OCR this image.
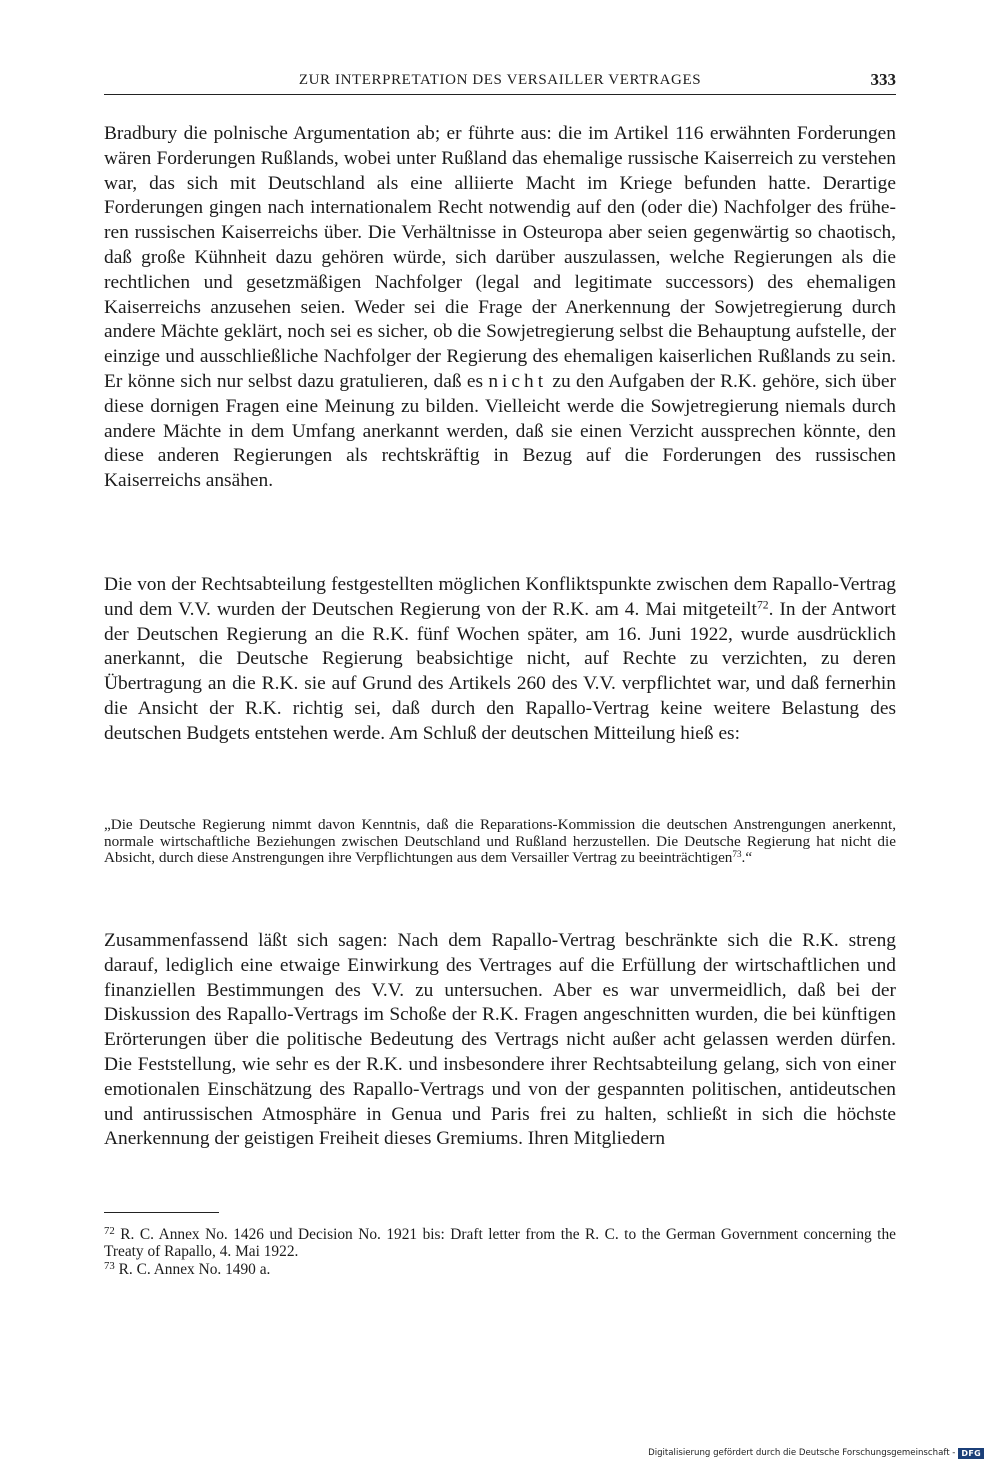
ZUR INTERPRETATION DES VERSAILLER VERTRAGES	333
Bradbury die polnische Argumentation ab; er führte aus: die im Artikel 116 erwähnten Forderungen wären Forderungen Rußlands, wobei unter Rußland das ehemalige russische Kaiserreich zu verstehen war, das sich mit Deutschland als eine alliierte Macht im Kriege befunden hatte. Derartige Forderungen gingen nach internationalem Recht notwendig auf den (oder die) Nachfolger des früheren russischen Kaiserreichs über. Die Verhältnisse in Osteuropa aber seien gegenwärtig so chaotisch, daß große Kühnheit dazu gehören würde, sich darüber auszulassen, welche Regierungen als die rechtlichen und gesetzmäßigen Nachfolger (legal and legitimate successors) des ehemaligen Kaiserreichs anzusehen seien. Weder sei die Frage der Anerkennung der Sowjetregierung durch andere Mächte geklärt, noch sei es sicher, ob die Sowjetregierung selbst die Behauptung aufstelle, der einzige und ausschließliche Nachfolger der Regierung des ehemaligen kaiserlichen Rußlands zu sein. Er könne sich nur selbst dazu gratulieren, daß es nicht zu den Aufgaben der R.K. gehöre, sich über diese dornigen Fragen eine Meinung zu bilden. Vielleicht werde die Sowjetregierung niemals durch andere Mächte in dem Umfang anerkannt werden, daß sie einen Verzicht aussprechen könnte, den diese anderen Regierungen als rechtskräftig in Bezug auf die Forderungen des russischen Kaiserreichs ansähen.
Die von der Rechtsabteilung festgestellten möglichen Konfliktspunkte zwischen dem Rapallo-Vertrag und dem V.V. wurden der Deutschen Regierung von der R.K. am 4. Mai mitgeteilt$^{72}$. In der Antwort der Deutschen Regierung an die R.K. fünf Wochen später, am 16. Juni 1922, wurde ausdrücklich anerkannt, die Deutsche Regierung beabsichtige nicht, auf Rechte zu verzichten, zu deren Übertragung an die R.K. sie auf Grund des Artikels 260 des V.V. verpflichtet war, und daß fernerhin die Ansicht der R.K. richtig sei, daß durch den Rapallo-Vertrag keine weitere Belastung des deutschen Budgets entstehen werde. Am Schluß der deutschen Mitteilung hieß es:
„Die Deutsche Regierung nimmt davon Kenntnis, daß die Reparations-Kommission die deutschen Anstrengungen anerkennt, normale wirtschaftliche Beziehungen zwischen Deutschland und Rußland herzustellen. Die Deutsche Regierung hat nicht die Absicht, durch diese Anstrengungen ihre Verpflichtungen aus dem Versailler Vertrag zu beeinträchtigen$^{73}$.“
Zusammenfassend läßt sich sagen: Nach dem Rapallo-Vertrag beschränkte sich die R.K. streng darauf, lediglich eine etwaige Einwirkung des Vertrages auf die Erfüllung der wirtschaftlichen und finanziellen Bestimmungen des V.V. zu untersuchen. Aber es war unvermeidlich, daß bei der Diskussion des Rapallo-Vertrags im Schoße der R.K. Fragen angeschnitten wurden, die bei künftigen Erörterungen über die politische Bedeutung des Vertrags nicht außer acht gelassen werden dürfen. Die Feststellung, wie sehr es der R.K. und insbesondere ihrer Rechtsabteilung gelang, sich von einer emotionalen Einschätzung des Rapallo-Vertrags und von der gespannten politischen, antideutschen und antirussischen Atmosphäre in Genua und Paris frei zu halten, schließt in sich die höchste Anerkennung der geistigen Freiheit dieses Gremiums. Ihren Mitgliedern

$^{72}$ R. C. Annex No. 1426 und Decision No. 1921 bis: Draft letter from the R. C. to the German Government concerning the Treaty of Rapallo, 4. Mai 1922.

$^{73}$ R. C. Annex No. 1490 a.

Digitalisierung gefördert durch die Deutsche Forschungsgemeinschaft - DFG
